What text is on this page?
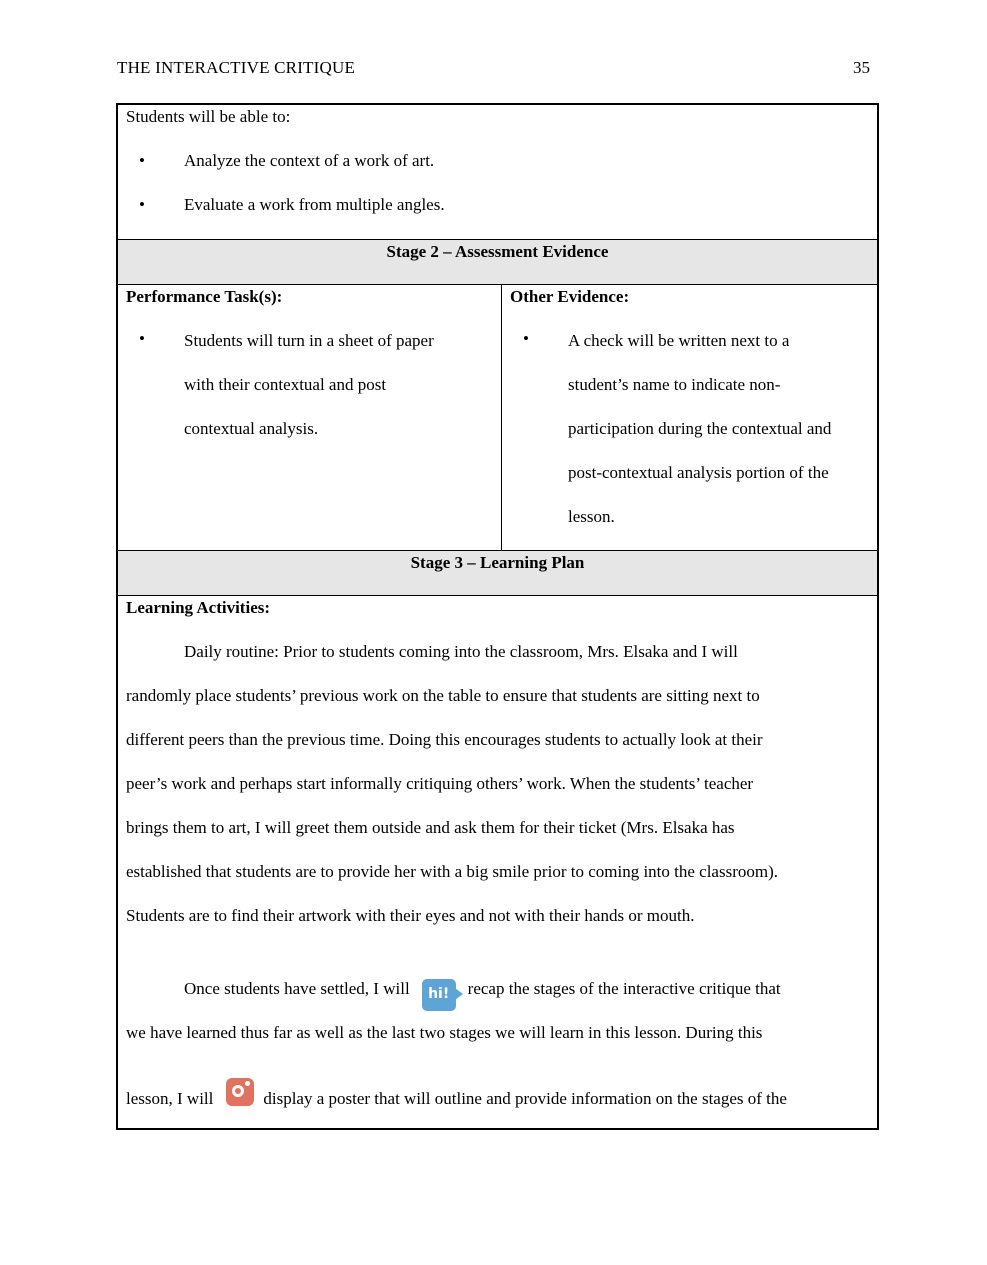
THE INTERACTIVE CRITIQUE	35
Students will be able to:
• Analyze the context of a work of art.
• Evaluate a work from multiple angles.
Stage 2 – Assessment Evidence
Performance Task(s):
• Students will turn in a sheet of paper
with their contextual and post
contextual analysis.
Other Evidence:
• A check will be written next to a
student’s name to indicate non-
participation during the contextual and
post-contextual analysis portion of the
lesson.
Stage 3 – Learning Plan
Learning Activities:
Daily routine: Prior to students coming into the classroom, Mrs. Elsaka and I will
randomly place students’ previous work on the table to ensure that students are sitting next to
different peers than the previous time. Doing this encourages students to actually look at their
peer’s work and perhaps start informally critiquing others’ work. When the students’ teacher
brings them to art, I will greet them outside and ask them for their ticket (Mrs. Elsaka has
established that students are to provide her with a big smile prior to coming into the classroom).
Students are to find their artwork with their eyes and not with their hands or mouth.
Once students have settled, I will hi! recap the stages of the interactive critique that
we have learned thus far as well as the last two stages we will learn in this lesson. During this
lesson, I will	display a poster that will outline and provide information on the stages of the
